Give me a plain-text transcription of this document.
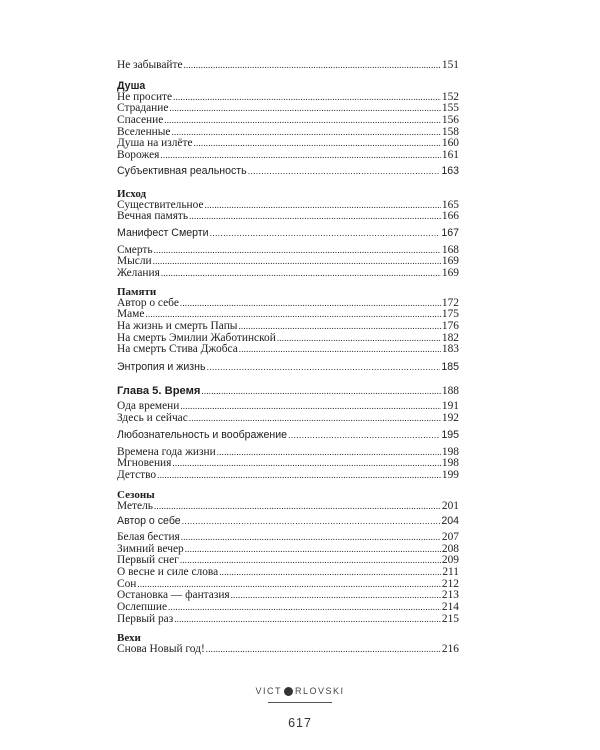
Не забывайте .....	151
Душа
Не просите .....	152
Страдание .....	155
Спасение .....	156
Вселенные .....	158
Душа на излёте .....	160
Ворожея .....	161
Субъективная реальность .....	163
Исход
Существительное .....	165
Вечная память .....	166
Манифест Смерти .....	167
Смерть .....	168
Мысли .....	169
Желания .....	169
Памяти
Автор о себе .....	172
Маме .....	175
На жизнь и смерть Папы .....	176
На смерть Эмилии Жаботинской .....	182
На смерть Стива Джобса .....	183
Энтропия и жизнь .....	185
Глава 5. Время .....	188
Ода времени .....	191
Здесь и сейчас .....	192
Любознательность и воображение .....	195
Времена года жизни .....	198
Мгновения .....	198
Детство .....	199
Сезоны
Метель .....	201
Автор о себе .....	204
Белая бестия .....	207
Зимний вечер .....	208
Первый снег .....	209
О весне и силе слова .....	211
Сон .....	212
Остановка — фантазия .....	213
Ослепшие .....	214
Первый раз .....	215
Вехи
Снова Новый год! .....	216
VICT RLOVSKI
617
